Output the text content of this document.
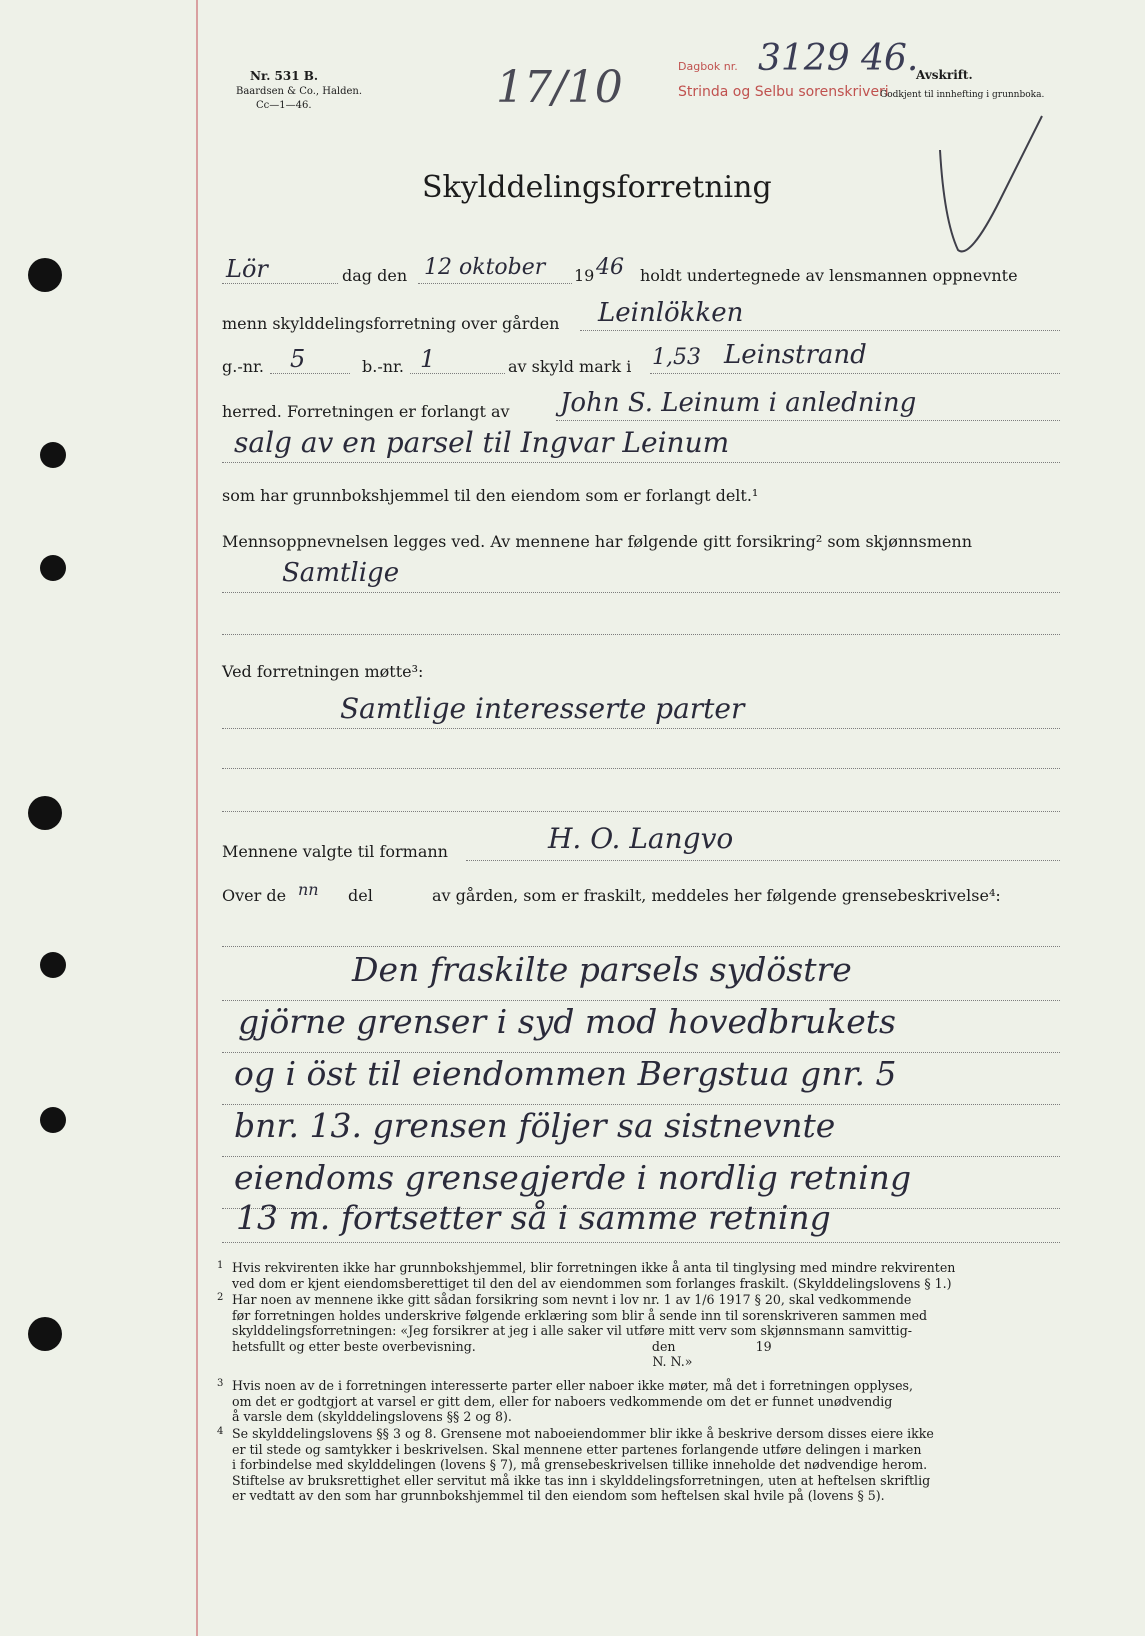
Nr. 531 B.
Baardsen & Co., Halden.
Cc—1—46.	17/10	Dagbok nr. 3129 46.
Strinda og Selbu sorenskriveri
Avskrift.
Godkjent til innhefting i grunnboka.
Skylddelingsforretning
Lör	dag den 12 oktober 19 46 holdt undertegnede av lensmannen oppnevnte
menn skylddelingsforretning over gården Leinlökken
g.-nr. 5	b.-nr. 1	av skyld mark i 1,53 Leinstrand
herred. Forretningen er forlangt av John S. Leinum i anledning
salg av en parsel til Ingvar Leinum
som har grunnbokshjemmel til den eiendom som er forlangt delt.¹
Mennsoppnevnelsen legges ved. Av mennene har følgende gitt forsikring² som skjønnsmenn
Samtlige
Ved forretningen møtte³:
Samtlige interesserte parter
Mennene valgte til formann	H. O. Langvo
Over de nn del	av gården, som er fraskilt, meddeles her følgende grensebeskrivelse⁴:
Den fraskilte parsels sydöstre
gjörne grenser i syd mod hovedbrukets
og i öst til eiendommen Bergstua gnr. 5
bnr. 13. grensen följer sa sistnevnte
eiendoms grensegjerde i nordlig retning
13 m. fortsetter så i samme retning
1 Hvis rekvirenten ikke har grunnbokshjemmel, blir forretningen ikke å anta til tinglysing med mindre rekvirenten
ved dom er kjent eiendomsberettiget til den del av eiendommen som forlanges fraskilt. (Skylddelingslovens § 1.)
2 Har noen av mennene ikke gitt sådan forsikring som nevnt i lov nr. 1 av 1/6 1917 § 20, skal vedkommende
før forretningen holdes underskrive følgende erklæring som blir å sende inn til sorenskriveren sammen med
skylddelingsforretningen: «Jeg forsikrer at jeg i alle saker vil utføre mitt verv som skjønnsmann samvittig-
hetsfullt og etter beste overbevisning.                                            den                    19
N. N.»
3 Hvis noen av de i forretningen interesserte parter eller naboer ikke møter, må det i forretningen opplyses,
om det er godtgjort at varsel er gitt dem, eller for naboers vedkommende om det er funnet unødvendig
å varsle dem (skylddelingslovens §§ 2 og 8).
4 Se skylddelingslovens §§ 3 og 8. Grensene mot naboeiendommer blir ikke å beskrive dersom disses eiere ikke
er til stede og samtykker i beskrivelsen. Skal mennene etter partenes forlangende utføre delingen i marken
i forbindelse med skylddelingen (lovens § 7), må grensebeskrivelsen tillike inneholde det nødvendige herom.
Stiftelse av bruksrettighet eller servitut må ikke tas inn i skylddelingsforretningen, uten at heftelsen skriftlig
er vedtatt av den som har grunnbokshjemmel til den eiendom som heftelsen skal hvile på (lovens § 5).
